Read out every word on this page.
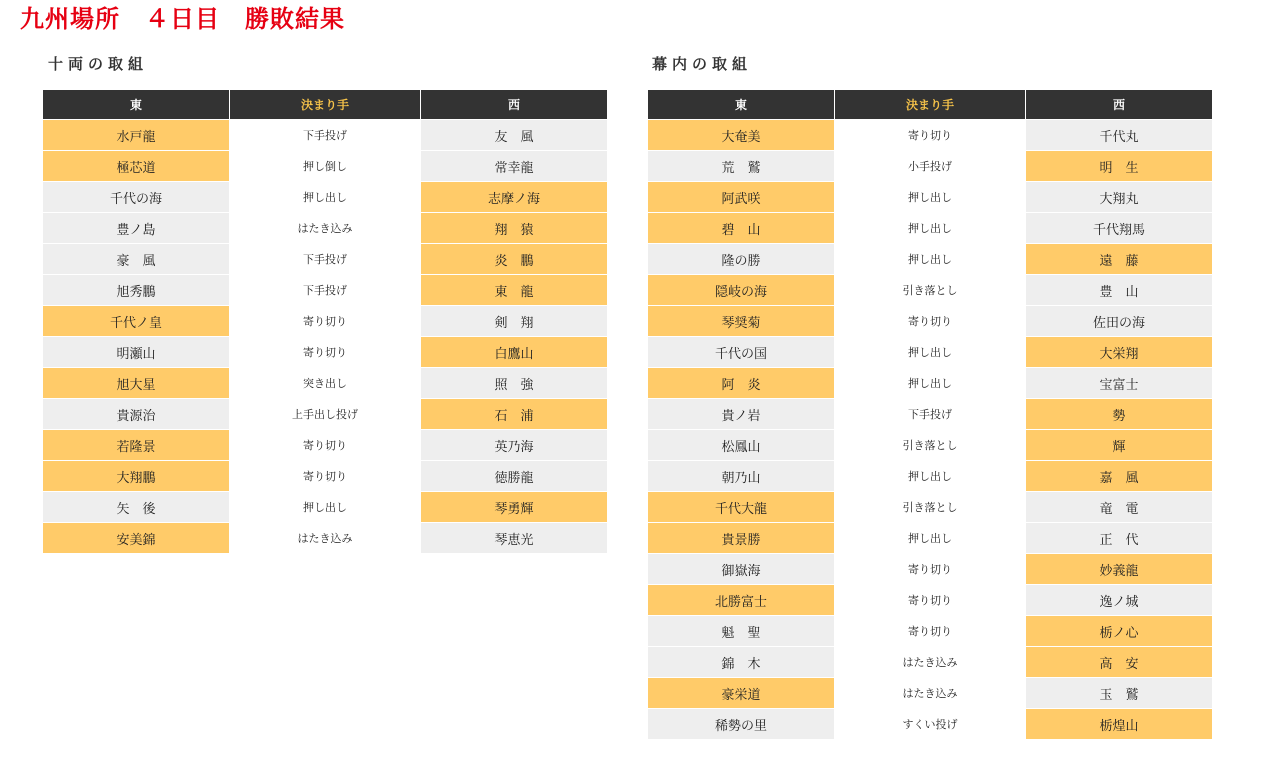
九州場所　４日目　勝敗結果
十両の取組
東	決まり手	西
水戸龍	下手投げ	友　風
極芯道	押し倒し	常幸龍
千代の海	押し出し	志摩ノ海
豊ノ島	はたき込み	翔　猿
豪　風	下手投げ	炎　鵬
旭秀鵬	下手投げ	東　龍
千代ノ皇	寄り切り	剣　翔
明瀬山	寄り切り	白鷹山
旭大星	突き出し	照　強
貴源治	上手出し投げ	石　浦
若隆景	寄り切り	英乃海
大翔鵬	寄り切り	徳勝龍
矢　後	押し出し	琴勇輝
安美錦	はたき込み	琴恵光
幕内の取組
東	決まり手	西
大奄美	寄り切り	千代丸
荒　鷲	小手投げ	明　生
阿武咲	押し出し	大翔丸
碧　山	押し出し	千代翔馬
隆の勝	押し出し	遠　藤
隠岐の海	引き落とし	豊　山
琴奨菊	寄り切り	佐田の海
千代の国	押し出し	大栄翔
阿　炎	押し出し	宝富士
貴ノ岩	下手投げ	勢
松鳳山	引き落とし	輝
朝乃山	押し出し	嘉　風
千代大龍	引き落とし	竜　電
貴景勝	押し出し	正　代
御嶽海	寄り切り	妙義龍
北勝富士	寄り切り	逸ノ城
魁　聖	寄り切り	栃ノ心
錦　木	はたき込み	高　安
豪栄道	はたき込み	玉　鷲
稀勢の里	すくい投げ	栃煌山
